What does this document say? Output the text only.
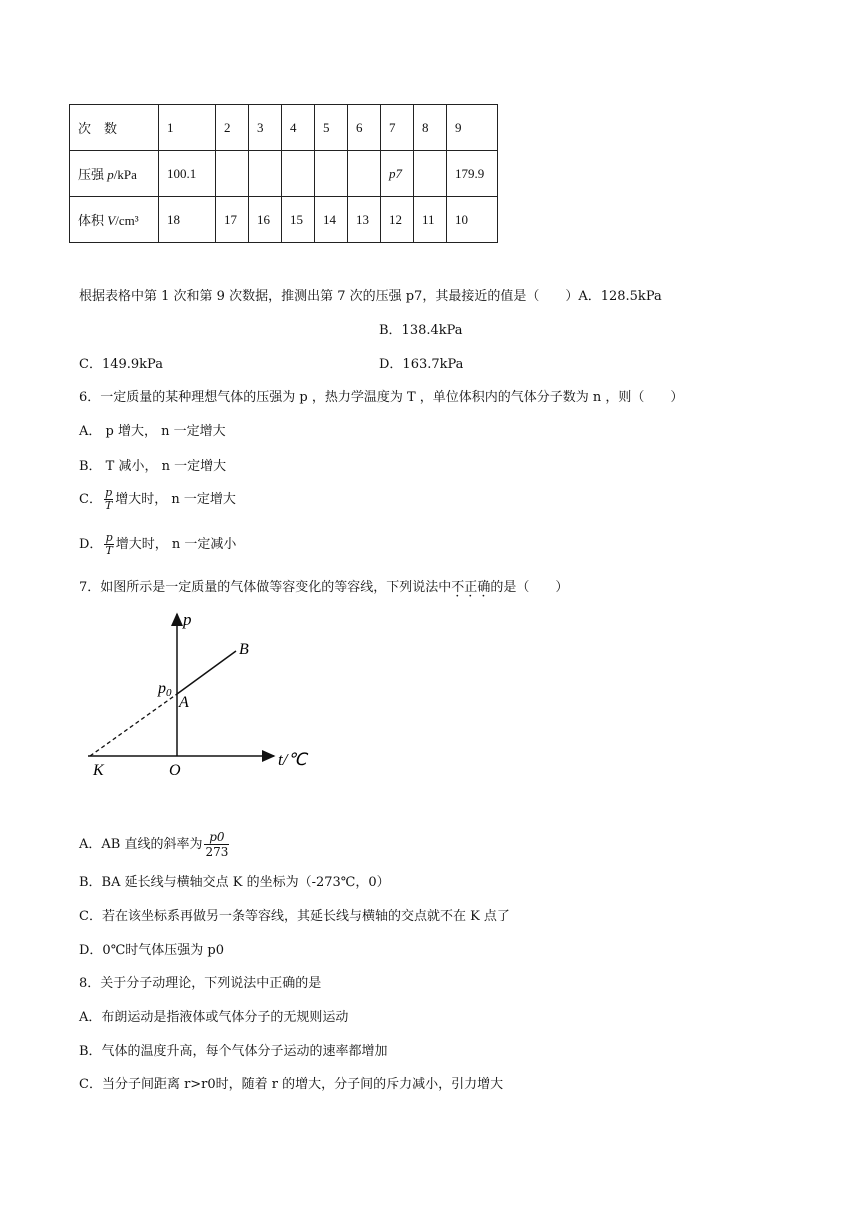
次　数	1	2	3	4	5	6	7	8	9
压强 p/kPa	100.1						p7		179.9
体积 V/cm³	18	17	16	15	14	13	12	11	10
根据表格中第 1 次和第 9 次数据，推测出第 7 次的压强 p7，其最接近的值是（　　）A．128.5kPa
B．138.4kPa
C．149.9kPa	D．163.7kPa
6．一定质量的某种理想气体的压强为 p ，热力学温度为 T ，单位体积内的气体分子数为 n ，则（　　）
A． p 增大， n 一定增大
B． T 减小， n 一定增大
C． $\frac{p}{T}$ 增大时， n 一定增大
D． $\frac{p}{T}$ 增大时， n 一定减小
7．如图所示是一定质量的气体做等容变化的等容线，下列说法中不正确的是（　　）
p
t/℃
B
A
p0
K	O
A．AB 直线的斜率为 $\frac{p0}{273}$
B．BA 延长线与横轴交点 K 的坐标为（-273℃，0）
C．若在该坐标系再做另一条等容线，其延长线与横轴的交点就不在 K 点了
D．0℃时气体压强为 p0
8．关于分子动理论，下列说法中正确的是
A．布朗运动是指液体或气体分子的无规则运动
B．气体的温度升高，每个气体分子运动的速率都增加
C．当分子间距离 r>r0时，随着 r 的增大，分子间的斥力减小，引力增大
